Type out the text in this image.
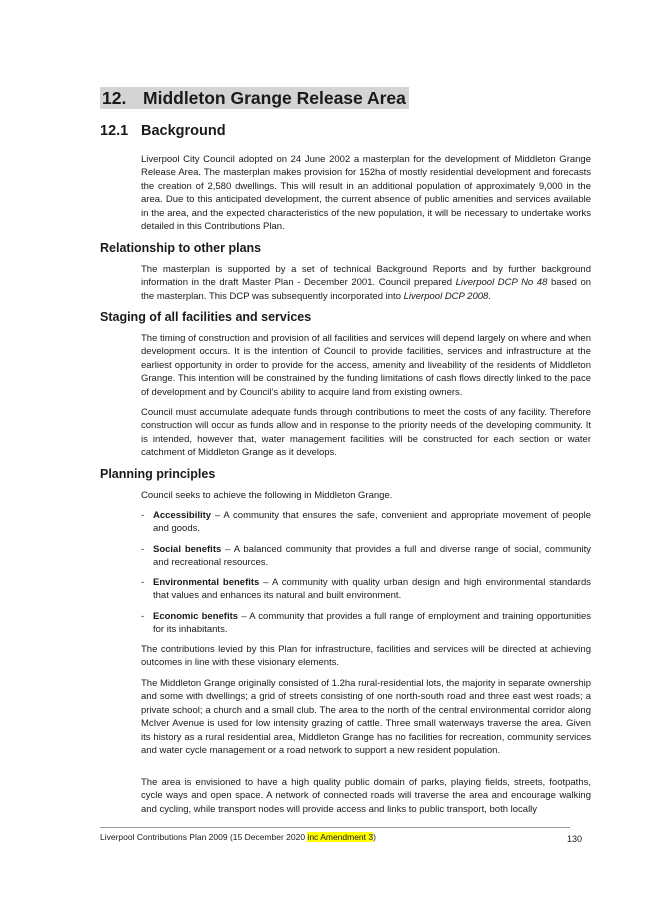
12. Middleton Grange Release Area
12.1 Background

Liverpool City Council adopted on 24 June 2002 a masterplan for the development of Middleton Grange Release Area. The masterplan makes provision for 152ha of mostly residential development and forecasts the creation of 2,580 dwellings. This will result in an additional population of approximately 9,000 in the area. Due to this anticipated development, the current absence of public amenities and services available in the area, and the expected characteristics of the new population, it will be necessary to undertake works detailed in this Contributions Plan.

Relationship to other plans

The masterplan is supported by a set of technical Background Reports and by further background information in the draft Master Plan - December 2001. Council prepared Liverpool DCP No 48 based on the masterplan. This DCP was subsequently incorporated into Liverpool DCP 2008.

Staging of all facilities and services

The timing of construction and provision of all facilities and services will depend largely on where and when development occurs. It is the intention of Council to provide facilities, services and infrastructure at the earliest opportunity in order to provide for the access, amenity and liveability of the residents of Middleton Grange. This intention will be constrained by the funding limitations of cash flows directly linked to the pace of development and by Council’s ability to acquire land from existing owners.

Council must accumulate adequate funds through contributions to meet the costs of any facility. Therefore construction will occur as funds allow and in response to the priority needs of the developing community. It is intended, however that, water management facilities will be constructed for each section or water catchment of Middleton Grange as it develops.

Planning principles

Council seeks to achieve the following in Middleton Grange.

- Accessibility – A community that ensures the safe, convenient and appropriate movement of people and goods.
- Social benefits – A balanced community that provides a full and diverse range of social, community and recreational resources.
- Environmental benefits – A community with quality urban design and high environmental standards that values and enhances its natural and built environment.
- Economic benefits – A community that provides a full range of employment and training opportunities for its inhabitants.

The contributions levied by this Plan for infrastructure, facilities and services will be directed at achieving outcomes in line with these visionary elements.

The Middleton Grange originally consisted of 1.2ha rural-residential lots, the majority in separate ownership and some with dwellings; a grid of streets consisting of one north-south road and three east west roads; a private school; a church and a small club. The area to the north of the central environmental corridor along McIver Avenue is used for low intensity grazing of cattle. Three small waterways traverse the area. Given its history as a rural residential area, Middleton Grange has no facilities for recreation, community services and water cycle management or a road network to support a new resident population.

The area is envisioned to have a high quality public domain of parks, playing fields, streets, footpaths, cycle ways and open space. A network of connected roads will traverse the area and encourage walking and cycling, while transport nodes will provide access and links to public transport, both locally

Liverpool Contributions Plan 2009 (15 December 2020 inc Amendment 3)	130
